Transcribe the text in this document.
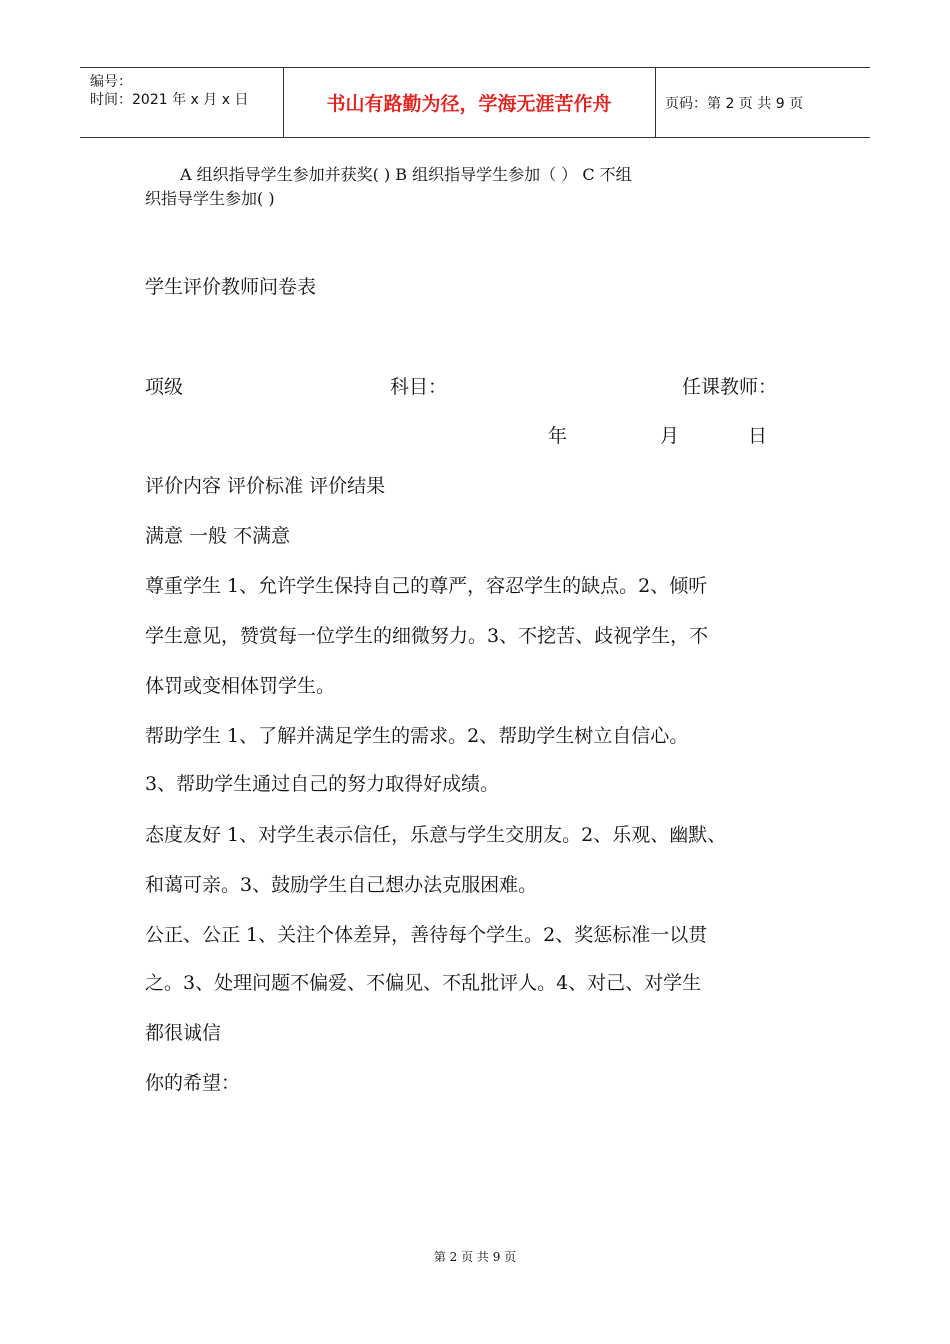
编号：
时间：2021 年 x 月 x 日	书山有路勤为径，学海无涯苦作舟	页码：第 2 页 共 9 页
A 组织指导学生参加并获奖( ) B 组织指导学生参加（ ） C 不组
织指导学生参加( )
学生评价教师问卷表
项级	科目：	任课教师：
年	月	日
评价内容 评价标准 评价结果
满意 一般 不满意
尊重学生 1、允许学生保持自己的尊严，容忍学生的缺点。2、倾听
学生意见，赞赏每一位学生的细微努力。3、不挖苦、歧视学生，不
体罚或变相体罚学生。
帮助学生 1、了解并满足学生的需求。2、帮助学生树立自信心。
3、帮助学生通过自己的努力取得好成绩。
态度友好 1、对学生表示信任，乐意与学生交朋友。2、乐观、幽默、
和蔼可亲。3、鼓励学生自己想办法克服困难。
公正、公正 1、关注个体差异，善待每个学生。2、奖惩标准一以贯
之。3、处理问题不偏爱、不偏见、不乱批评人。4、对己、对学生
都很诚信
你的希望：
第 2 页 共 9 页
